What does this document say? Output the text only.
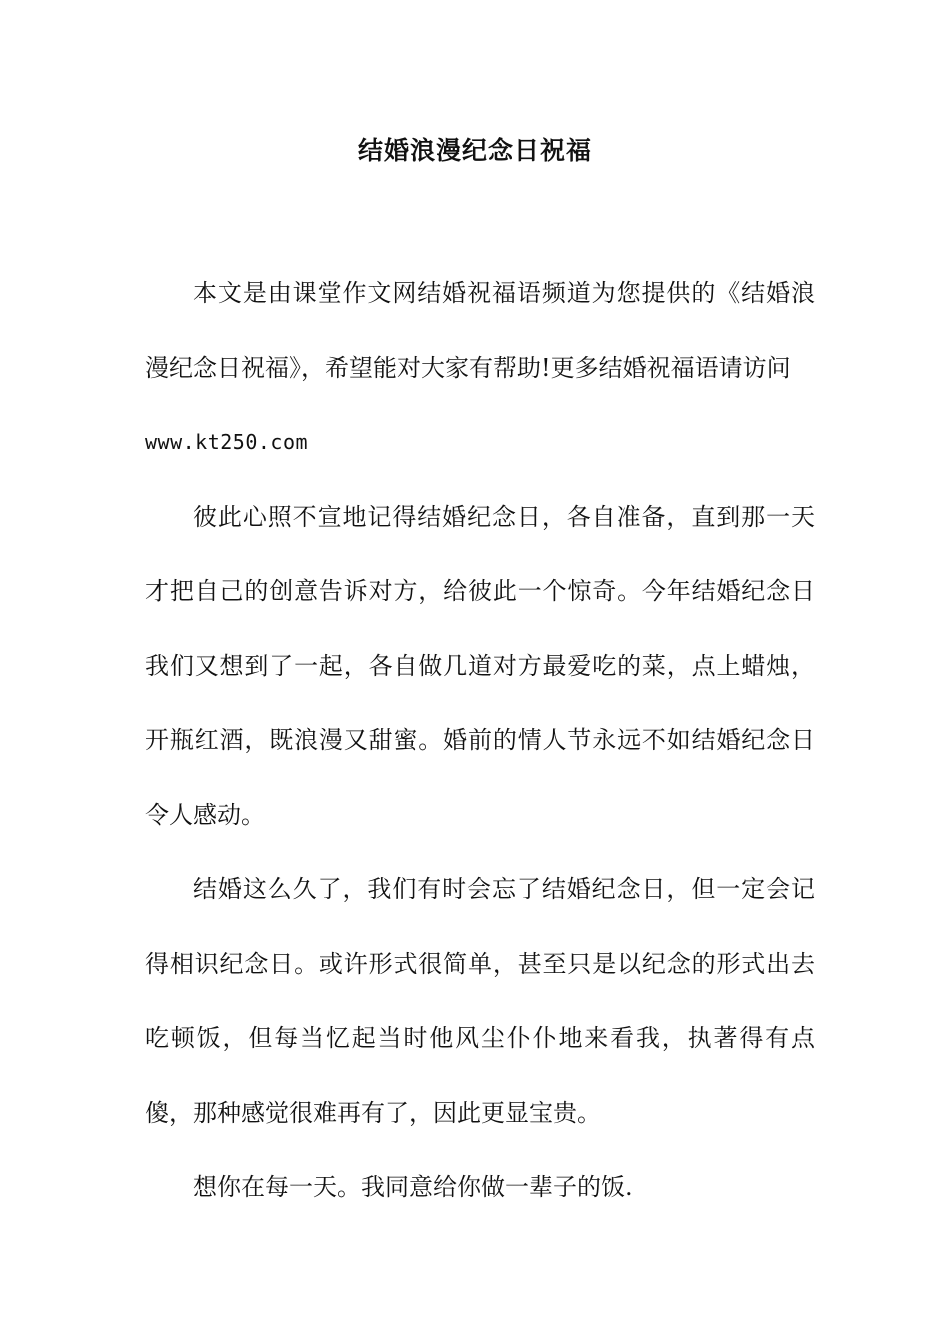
结婚浪漫纪念日祝福

本文是由课堂作文网结婚祝福语频道为您提供的《结婚浪漫纪念日祝福》，希望能对大家有帮助!更多结婚祝福语请访问
www.kt250.com

彼此心照不宣地记得结婚纪念日，各自准备，直到那一天才把自己的创意告诉对方，给彼此一个惊奇。今年结婚纪念日我们又想到了一起，各自做几道对方最爱吃的菜，点上蜡烛，开瓶红酒，既浪漫又甜蜜。婚前的情人节永远不如结婚纪念日令人感动。

结婚这么久了，我们有时会忘了结婚纪念日，但一定会记得相识纪念日。或许形式很简单，甚至只是以纪念的形式出去吃顿饭，但每当忆起当时他风尘仆仆地来看我，执著得有点傻，那种感觉很难再有了，因此更显宝贵。

想你在每一天。我同意给你做一辈子的饭.
